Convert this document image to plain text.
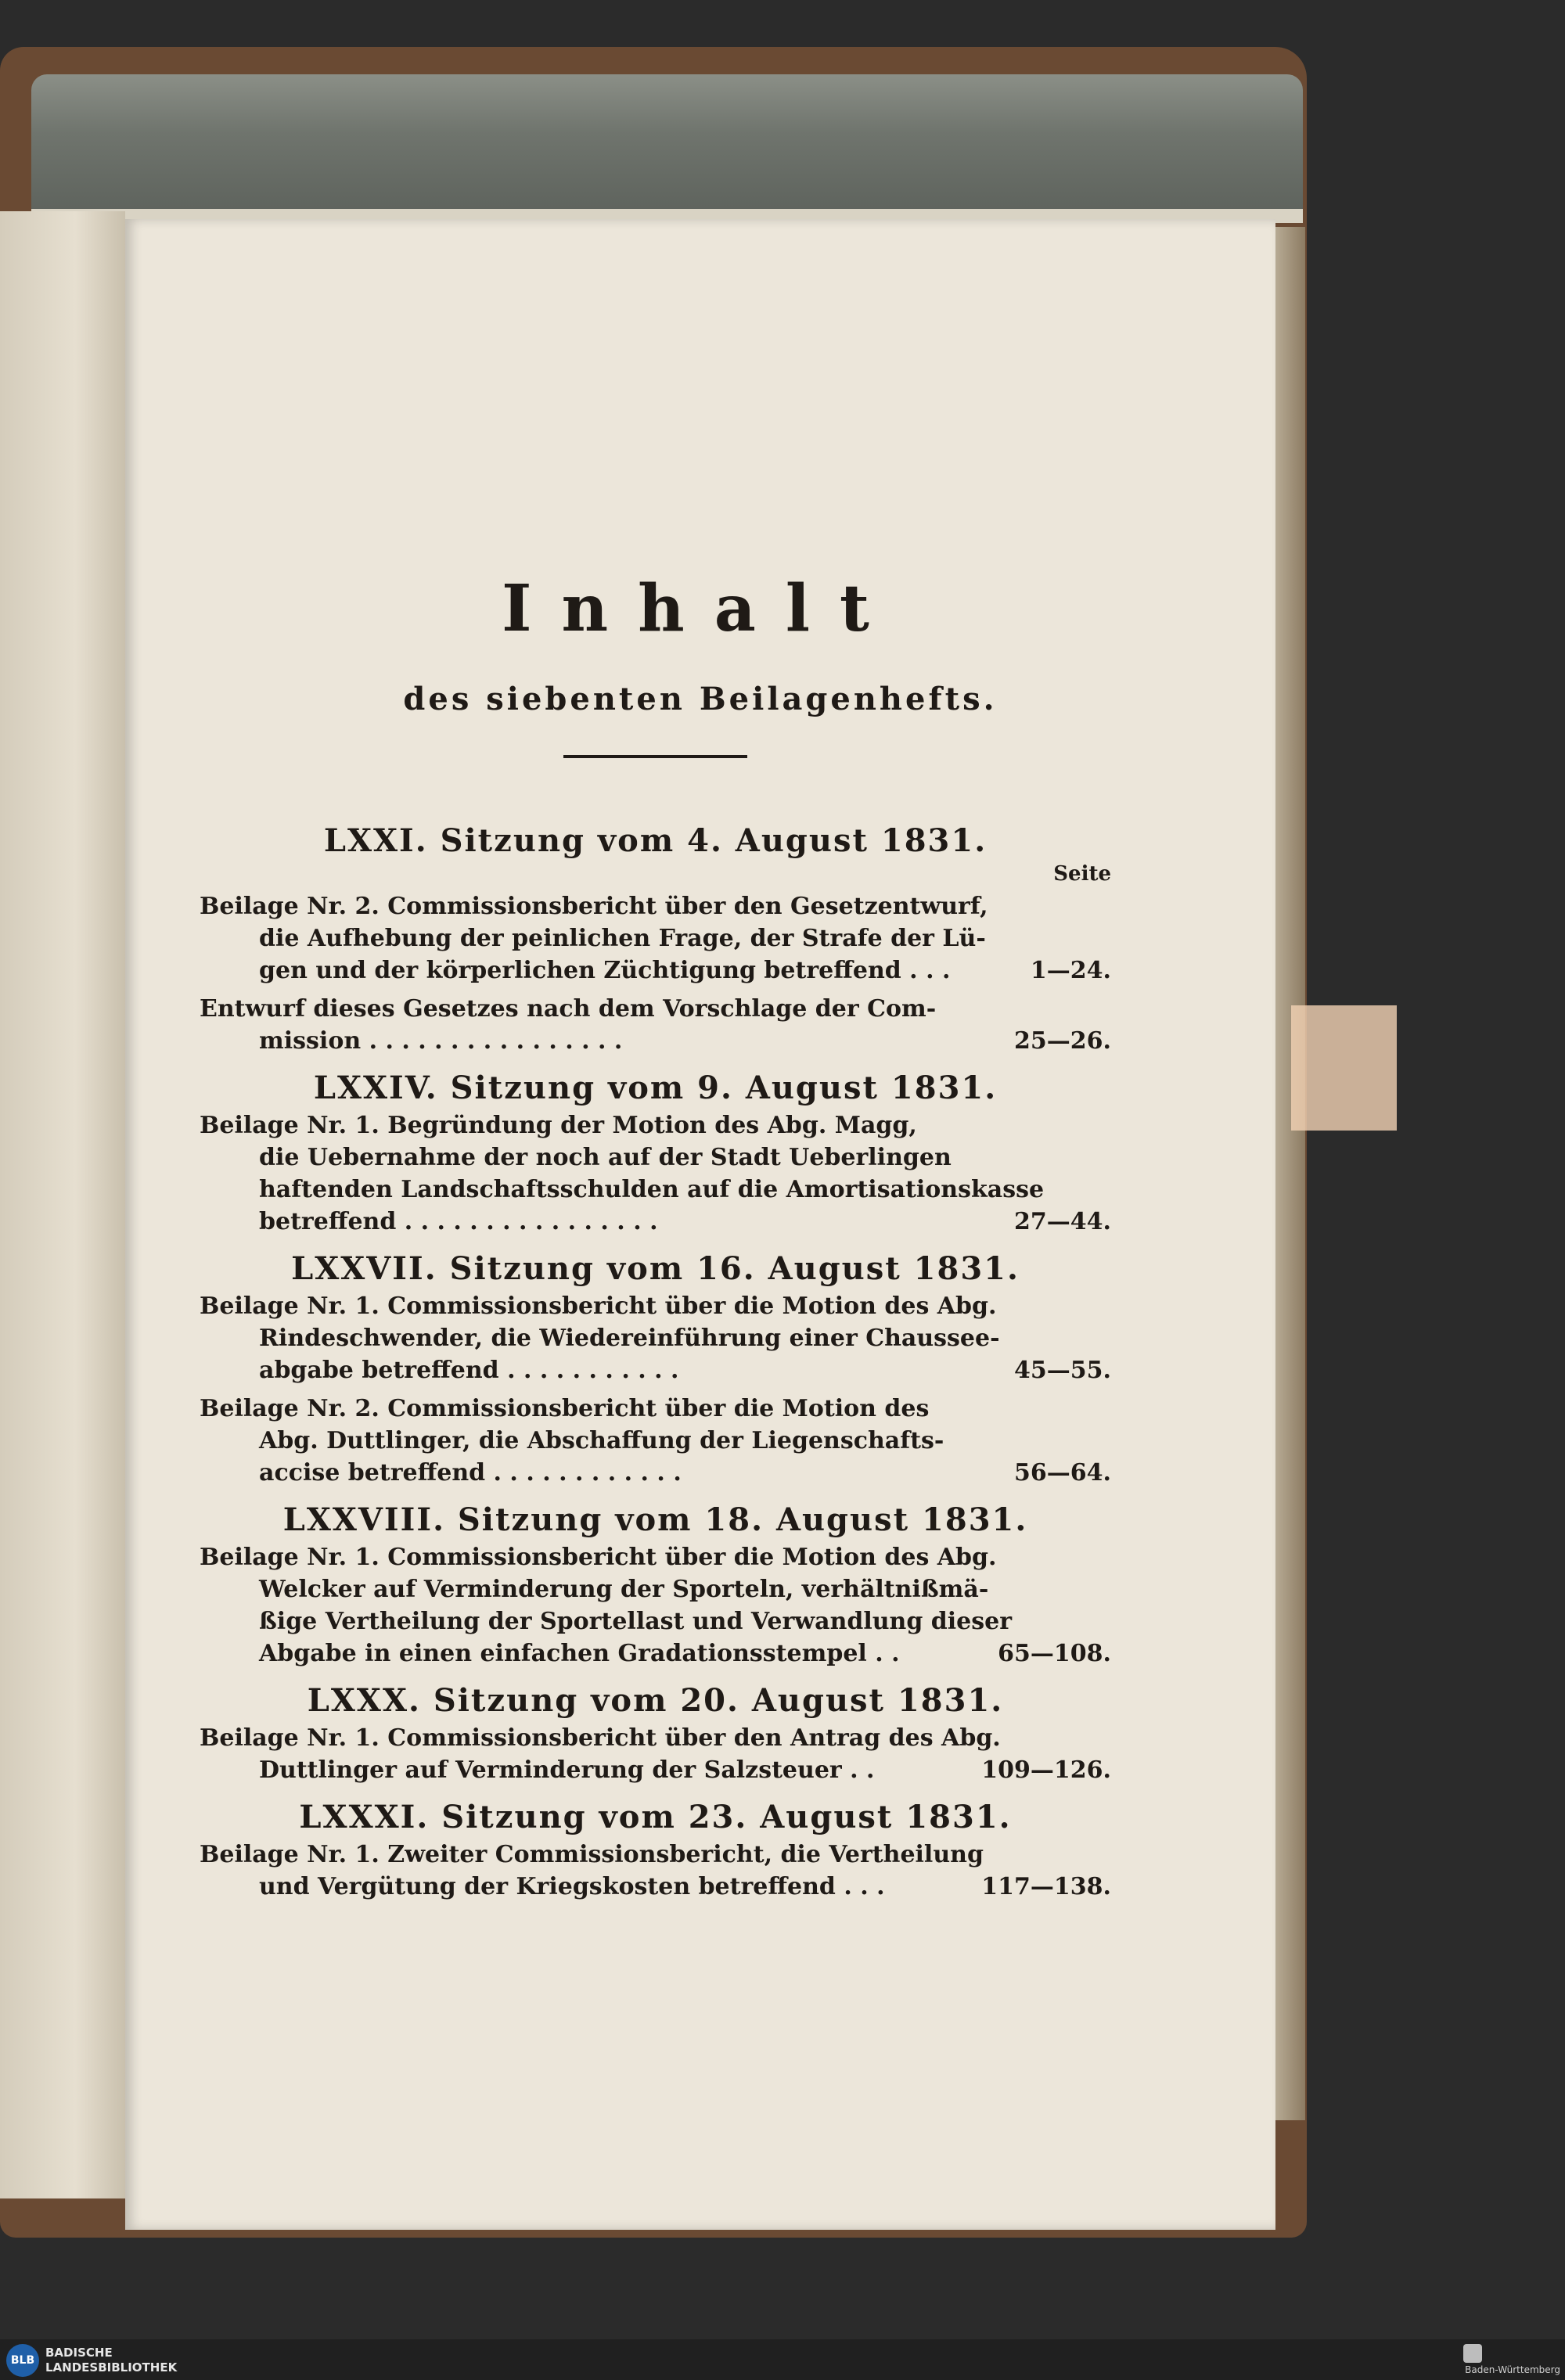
Inhalt
des siebenten Beilagenhefts.
LXXI. Sitzung vom 4. August 1831.
Seite
Beilage Nr. 2. Commissionsbericht über den Gesetzentwurf,
die Aufhebung der peinlichen Frage, der Strafe der Lü-
gen und der körperlichen Züchtigung betreffend . . .	1—24.
Entwurf dieses Gesetzes nach dem Vorschlage der Com-
mission . . . . . . . . . . . . . . . .	25—26.
LXXIV. Sitzung vom 9. August 1831.
Beilage Nr. 1. Begründung der Motion des Abg. Magg,
die Uebernahme der noch auf der Stadt Ueberlingen
haftenden Landschaftsschulden auf die Amortisationskasse
betreffend . . . . . . . . . . . . . . . .	27—44.
LXXVII. Sitzung vom 16. August 1831.
Beilage Nr. 1. Commissionsbericht über die Motion des Abg.
Rindeschwender, die Wiedereinführung einer Chaussee-
abgabe betreffend . . . . . . . . . . .	45—55.
Beilage Nr. 2. Commissionsbericht über die Motion des
Abg. Duttlinger, die Abschaffung der Liegenschafts-
accise betreffend . . . . . . . . . . . .	56—64.
LXXVIII. Sitzung vom 18. August 1831.
Beilage Nr. 1. Commissionsbericht über die Motion des Abg.
Welcker auf Verminderung der Sporteln, verhältnißmä-
ßige Vertheilung der Sportellast und Verwandlung dieser
Abgabe in einen einfachen Gradationsstempel . .	65—108.
LXXX. Sitzung vom 20. August 1831.
Beilage Nr. 1. Commissionsbericht über den Antrag des Abg.
Duttlinger auf Verminderung der Salzsteuer . .	109—126.
LXXXI. Sitzung vom 23. August 1831.
Beilage Nr. 1. Zweiter Commissionsbericht, die Vertheilung
und Vergütung der Kriegskosten betreffend . . .	117—138.
BLB
BADISCHE
LANDESBIBLIOTHEK	Baden-Württemberg
